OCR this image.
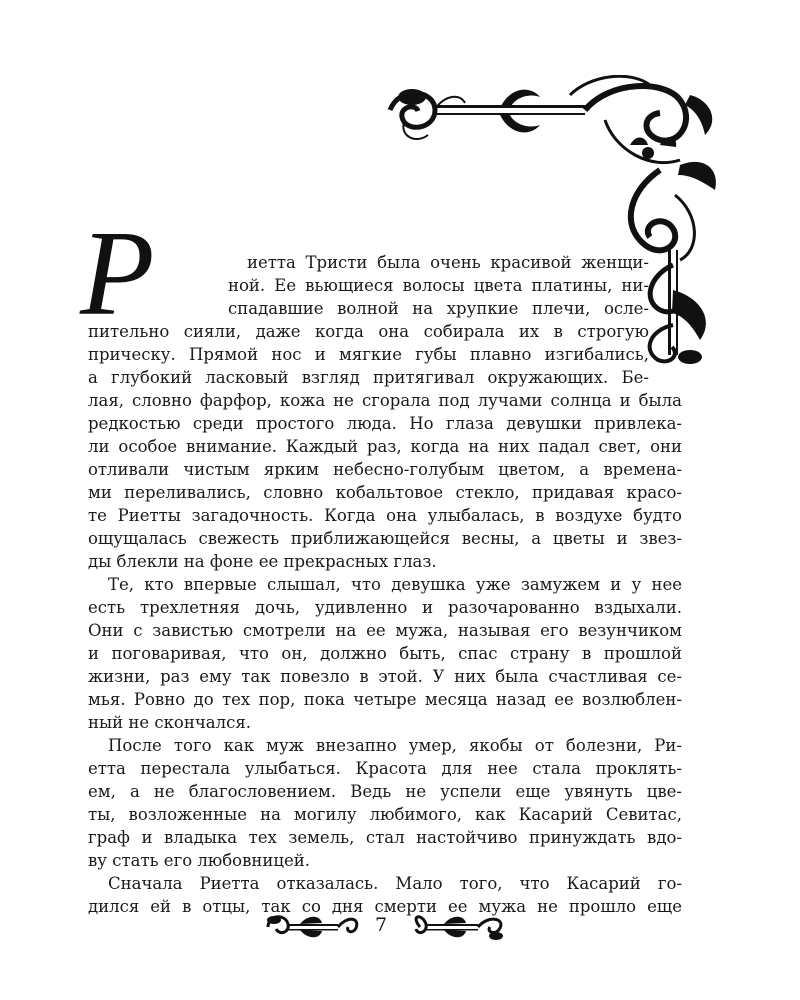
Р	иетта Тристи была очень красивой женщи-
ной. Ее вьющиеся волосы цвета платины, ни-
спадавшие волной на хрупкие плечи, осле-
пительно сияли, даже когда она собирала их в строгую
прическу. Прямой нос и мягкие губы плавно изгибались,
а глубокий ласковый взгляд притягивал окружающих. Бе-
лая, словно фарфор, кожа не сгорала под лучами солнца и была
редкостью среди простого люда. Но глаза девушки привлека-
ли особое внимание. Каждый раз, когда на них падал свет, они
отливали чистым ярким небесно-голубым цветом, а времена-
ми переливались, словно кобальтовое стекло, придавая красо-
те Риетты загадочность. Когда она улыбалась, в воздухе будто
ощущалась свежесть приближающейся весны, а цветы и звез-
ды блекли на фоне ее прекрасных глаз.
Те, кто впервые слышал, что девушка уже замужем и у нее
есть трехлетняя дочь, удивленно и разочарованно вздыхали.
Они с завистью смотрели на ее мужа, называя его везунчиком
и поговаривая, что он, должно быть, спас страну в прошлой
жизни, раз ему так повезло в этой. У них была счастливая се-
мья. Ровно до тех пор, пока четыре месяца назад ее возлюблен-
ный не скончался.
После того как муж внезапно умер, якобы от болезни, Ри-
етта перестала улыбаться. Красота для нее стала проклять-
ем, а не благословением. Ведь не успели еще увянуть цве-
ты, возложенные на могилу любимого, как Касарий Севитас,
граф и владыка тех земель, стал настойчиво принуждать вдо-
ву стать его любовницей.
Сначала Риетта отказалась. Мало того, что Касарий го-
дился ей в отцы, так со дня смерти ее мужа не прошло еще
7
